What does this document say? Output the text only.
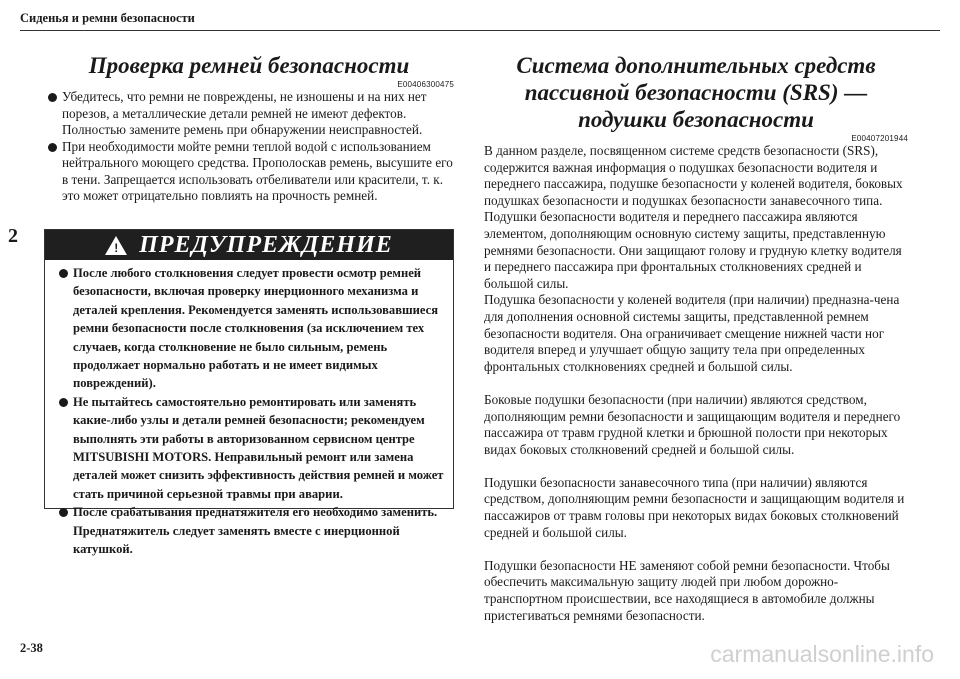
Сиденья и ремни безопасности
2
Проверка ремней безопасности
E00406300475
Убедитесь, что ремни не повреждены, не изношены и на них нет порезов, а металлические детали ремней не имеют дефектов. Полностью замените ремень при обнаружении неисправностей.
При необходимости мойте ремни теплой водой с использованием нейтрального моющего средства. Прополоскав ремень, высушите его в тени. Запрещается использовать отбеливатели или красители, т. к. это может отрицательно повлиять на прочность ремней.
! ПРЕДУПРЕЖДЕНИЕ
После любого столкновения следует провести осмотр ремней безопасности, включая проверку инерционного механизма и деталей крепления. Рекомендуется заменять использовавшиеся ремни безопасности после столкновения (за исключением тех случаев, когда столкновение не было сильным, ремень продолжает нормально работать и не имеет видимых повреждений).
Не пытайтесь самостоятельно ремонтировать или заменять какие-либо узлы и детали ремней безопасности; рекомендуем выполнять эти работы в авторизованном сервисном центре MITSUBISHI MOTORS. Неправильный ремонт или замена деталей может снизить эффективность действия ремней и может стать причиной серьезной травмы при аварии.
После срабатывания преднатяжителя его необходимо заменить. Преднатяжитель следует заменять вместе с инерционной катушкой.
Система дополнительных средств пассивной безопасности (SRS) — подушки безопасности
E00407201944

В данном разделе, посвященном системе средств безопасности (SRS), содержится важная информация о подушках безопасности водителя и переднего пассажира, подушке безопасности у коленей водителя, боковых подушках безопасности и подушках безопасности занавесочного типа.

Подушки безопасности водителя и переднего пассажира являются элементом, дополняющим основную систему защиты, представленную ремнями безопасности. Они защищают голову и грудную клетку водителя и переднего пассажира при фронтальных столкновениях средней и большой силы.

Подушка безопасности у коленей водителя (при наличии) предназна-чена для дополнения основной системы защиты, представленной ремнем безопасности водителя. Она ограничивает смещение нижней части ног водителя вперед и улучшает общую защиту тела при определенных фронтальных столкновениях средней и большой силы.

Боковые подушки безопасности (при наличии) являются средством, дополняющим ремни безопасности и защищающим водителя и переднего пассажира от травм грудной клетки и брюшной полости при некоторых видах боковых столкновений средней и большой силы.

Подушки безопасности занавесочного типа (при наличии) являются средством, дополняющим ремни безопасности и защищающим водителя и пассажиров от травм головы при некоторых видах боковых столкновений средней и большой силы.

Подушки безопасности НЕ заменяют собой ремни безопасности. Чтобы обеспечить максимальную защиту людей при любом дорожно-транспортном происшествии, все находящиеся в автомобиле должны пристегиваться ремнями безопасности.

2-38	carmanualsonline.info
